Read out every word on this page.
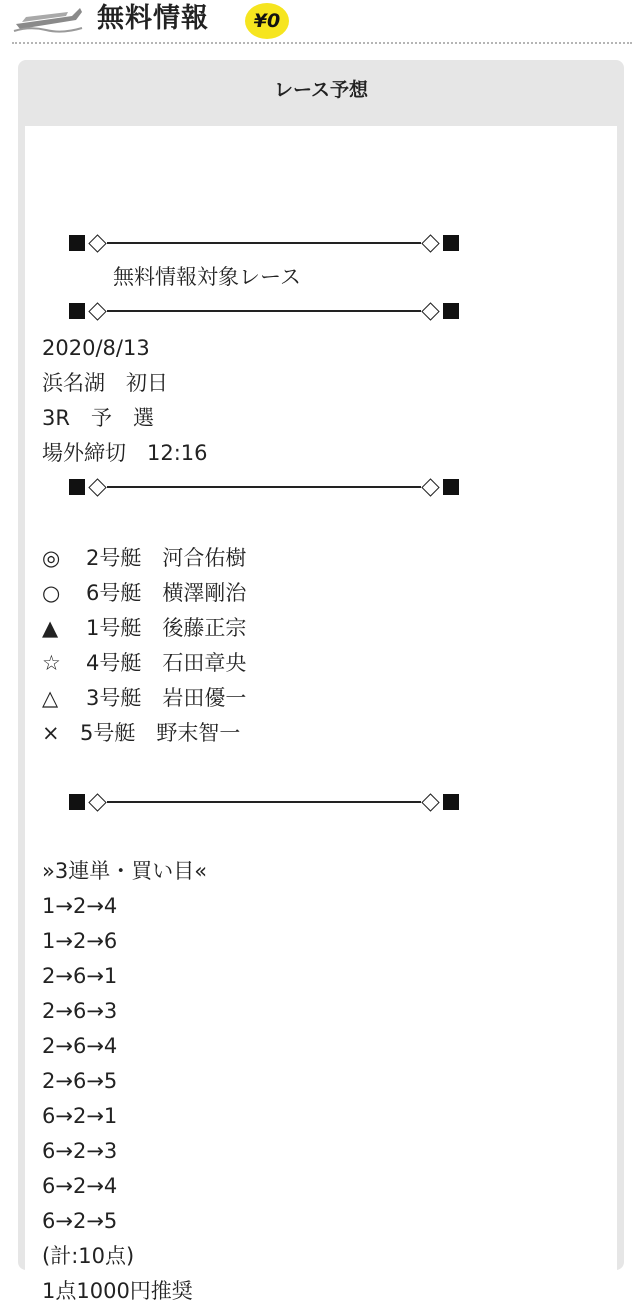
無料情報	¥0
レース予想
無料情報対象レース
2020/8/13
浜名湖　初日
3R　予　選
場外締切　12:16
◎ 2号艇　河合佑樹
○ 6号艇　横澤剛治
▲ 1号艇　後藤正宗
☆ 4号艇　石田章央
△ 3号艇　岩田優一
× 5号艇　野末智一
»3連単・買い目«
1→2→4
1→2→6
2→6→1
2→6→3
2→6→4
2→6→5
6→2→1
6→2→3
6→2→4
6→2→5
(計:10点)
1点1000円推奨
